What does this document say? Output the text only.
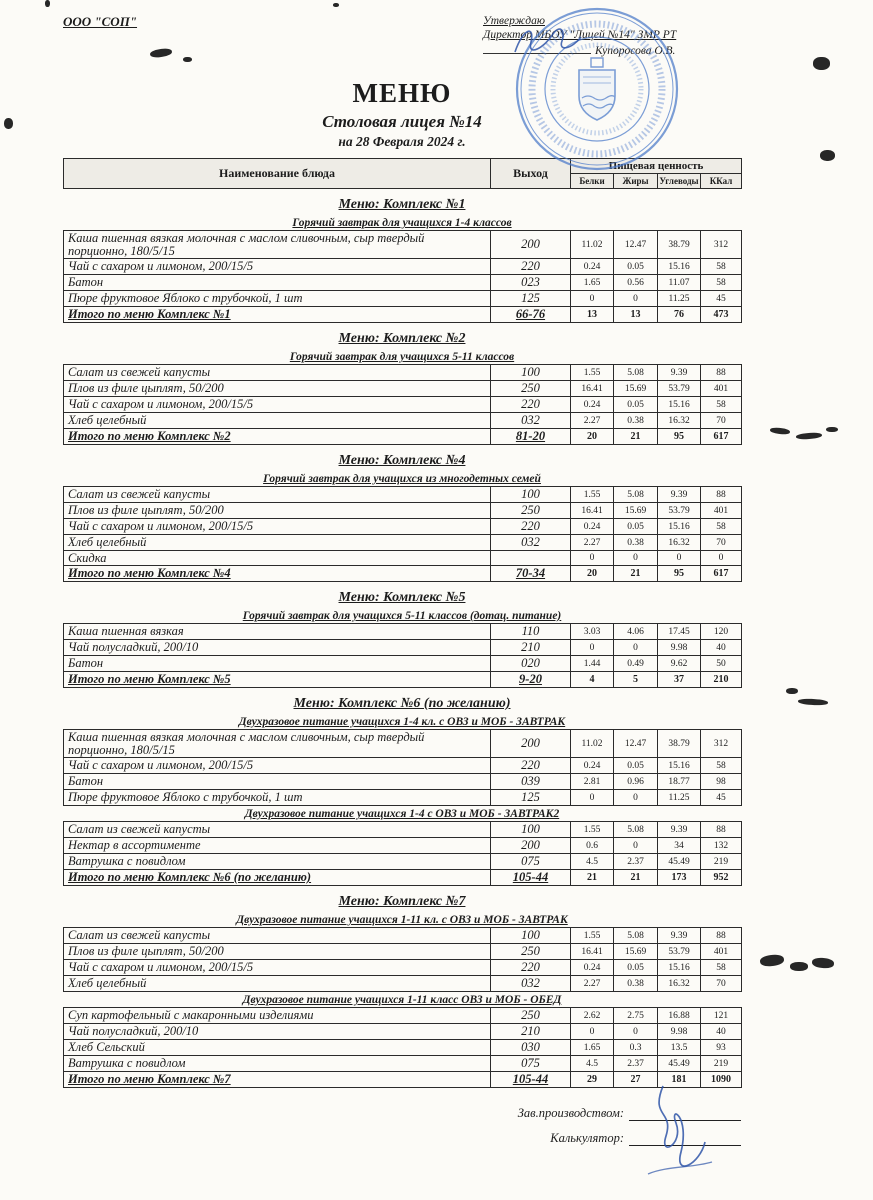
ООО "СОП"	Утверждаю
Директор МБОУ "Лицей №14" ЗМР РТ
Купоросова О.В.
МЕНЮ
Столовая лицея №14
на 28 Февраля 2024 г.
Наименование блюда	Выход	Пищевая ценность			
		Белки	Жиры	Углеводы	ККал
Меню: Комплекс №1
Горячий завтрак для учащихся 1-4 классов
Каша пшенная вязкая молочная с маслом сливочным, сыр твердый порционно, 180/5/15	200	11.02	12.47	38.79	312
Чай с сахаром и лимоном, 200/15/5	220	0.24	0.05	15.16	58
Батон	023	1.65	0.56	11.07	58
Пюре фруктовое Яблоко с трубочкой, 1 шт	125	0	0	11.25	45
Итого по меню Комплекс №1	66-76	13	13	76	473
Меню: Комплекс №2
Горячий завтрак для учащихся 5-11 классов
Салат из свежей капусты	100	1.55	5.08	9.39	88
Плов из филе цыплят, 50/200	250	16.41	15.69	53.79	401
Чай с сахаром и лимоном, 200/15/5	220	0.24	0.05	15.16	58
Хлеб целебный	032	2.27	0.38	16.32	70
Итого по меню Комплекс №2	81-20	20	21	95	617
Меню: Комплекс №4
Горячий завтрак для учащихся из многодетных семей
Салат из свежей капусты	100	1.55	5.08	9.39	88
Плов из филе цыплят, 50/200	250	16.41	15.69	53.79	401
Чай с сахаром и лимоном, 200/15/5	220	0.24	0.05	15.16	58
Хлеб целебный	032	2.27	0.38	16.32	70
Скидка		0	0	0	0
Итого по меню Комплекс №4	70-34	20	21	95	617
Меню: Комплекс №5
Горячий завтрак для учащихся 5-11 классов (дотац. питание)
Каша пшенная вязкая	110	3.03	4.06	17.45	120
Чай полусладкий, 200/10	210	0	0	9.98	40
Батон	020	1.44	0.49	9.62	50
Итого по меню Комплекс №5	9-20	4	5	37	210
Меню: Комплекс №6 (по желанию)
Двухразовое питание учащихся 1-4 кл. с ОВЗ и МОБ - ЗАВТРАК
Каша пшенная вязкая молочная с маслом сливочным, сыр твердый порционно, 180/5/15	200	11.02	12.47	38.79	312
Чай с сахаром и лимоном, 200/15/5	220	0.24	0.05	15.16	58
Батон	039	2.81	0.96	18.77	98
Пюре фруктовое Яблоко с трубочкой, 1 шт	125	0	0	11.25	45
Двухразовое питание учащихся 1-4 с ОВЗ и МОБ - ЗАВТРАК2
Салат из свежей капусты	100	1.55	5.08	9.39	88
Нектар в ассортименте	200	0.6	0	34	132
Ватрушка с повидлом	075	4.5	2.37	45.49	219
Итого по меню Комплекс №6 (по желанию)	105-44	21	21	173	952
Меню: Комплекс №7
Двухразовое питание учащихся 1-11 кл. с ОВЗ и МОБ - ЗАВТРАК
Салат из свежей капусты	100	1.55	5.08	9.39	88
Плов из филе цыплят, 50/200	250	16.41	15.69	53.79	401
Чай с сахаром и лимоном, 200/15/5	220	0.24	0.05	15.16	58
Хлеб целебный	032	2.27	0.38	16.32	70
Двухразовое питание учащихся 1-11 класс ОВЗ и МОБ - ОБЕД
Суп картофельный с макаронными изделиями	250	2.62	2.75	16.88	121
Чай полусладкий, 200/10	210	0	0	9.98	40
Хлеб Сельский	030	1.65	0.3	13.5	93
Ватрушка с повидлом	075	4.5	2.37	45.49	219
Итого по меню Комплекс №7	105-44	29	27	181	1090
Зав.производством:
Калькулятор:
